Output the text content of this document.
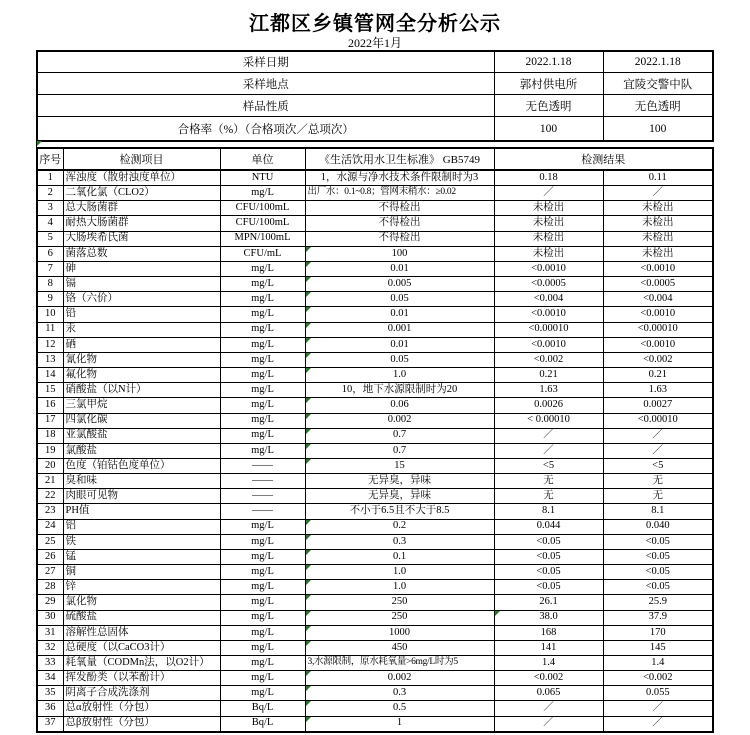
江都区乡镇管网全分析公示
2022年1月
采样日期	2022.1.18	2022.1.18
采样地点	郭村供电所	宜陵交警中队
样品性质	无色透明	无色透明
合格率（%）（合格项次／总项次）	100	100
序号	检测项目	单位	《生活饮用水卫生标准》 GB5749	检测结果	
1	浑浊度（散射浊度单位）	NTU	1，水源与净水技术条件限制时为3	0.18	0.11
2	二氧化氯（CLO2）	mg/L	出厂水：0.1~0.8；管网末稍水：≥0.02	／	／
3	总大肠菌群	CFU/100mL	不得检出	未检出	未检出
4	耐热大肠菌群	CFU/100mL	不得检出	未检出	未检出
5	大肠埃希氏菌	MPN/100mL	不得检出	未检出	未检出
6	菌落总数	CFU/mL	100	未检出	未检出
7	砷	mg/L	0.01	<0.0010	<0.0010
8	镉	mg/L	0.005	<0.0005	<0.0005
9	铬（六价）	mg/L	0.05	<0.004	<0.004
10	铅	mg/L	0.01	<0.0010	<0.0010
11	汞	mg/L	0.001	<0.00010	<0.00010
12	硒	mg/L	0.01	<0.0010	<0.0010
13	氰化物	mg/L	0.05	<0.002	<0.002
14	氟化物	mg/L	1.0	0.21	0.21
15	硝酸盐（以N计）	mg/L	10，地下水源限制时为20	1.63	1.63
16	三氯甲烷	mg/L	0.06	0.0026	0.0027
17	四氯化碳	mg/L	0.002	< 0.00010	<0.00010
18	亚氯酸盐	mg/L	0.7	／	／
19	氯酸盐	mg/L	0.7	／	／
20	色度（铂钴色度单位）	——	15	<5	<5
21	臭和味	——	无异臭，异味	无	无
22	肉眼可见物	——	无异臭，异味	无	无
23	PH值	——	不小于6.5且不大于8.5	8.1	8.1
24	铝	mg/L	0.2	0.044	0.040
25	铁	mg/L	0.3	<0.05	<0.05
26	锰	mg/L	0.1	<0.05	<0.05
27	铜	mg/L	1.0	<0.05	<0.05
28	锌	mg/L	1.0	<0.05	<0.05
29	氯化物	mg/L	250	26.1	25.9
30	硫酸盐	mg/L	250	38.0	37.9
31	溶解性总固体	mg/L	1000	168	170
32	总硬度（以CaCO3计）	mg/L	450	141	145
33	耗氧量（CODMn法，以O2计）	mg/L	3,水源限制，原水耗氧量>6mg/L时为5	1.4	1.4
34	挥发酚类（以苯酚计）	mg/L	0.002	<0.002	<0.002
35	阴离子合成洗涤剂	mg/L	0.3	0.065	0.055
36	总α放射性（分包）	Bq/L	0.5	／	／
37	总β放射性（分包）	Bq/L	1	／	／
